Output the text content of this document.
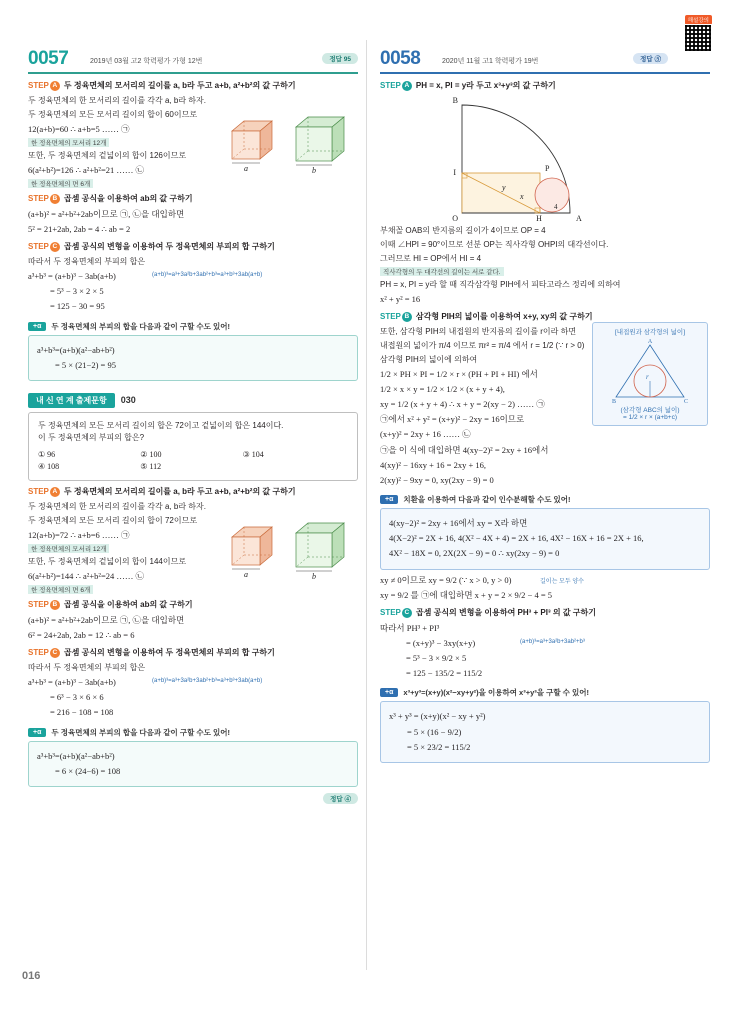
0057	2019년 03월 고2 학력평가 가형 12번	정답 95
STEP A 두 정육면체의 모서리의 길이를 a, b라 두고 a+b, a²+b²의 값 구하기
두 정육면체의 한 모서리의 길이를 각각 a, b라 하자.
두 정육면체의 모든 모서리 길이의 합이 60이므로
12(a+b)=60 ∴ a+b=5 …… ㉠
한 정육면체의 모서리 12개
또한, 두 정육면체의 겉넓이의 합이 126이므로
6(a²+b²)=126 ∴ a²+b²=21 …… ㉡
한 정육면체의 면 6개
a	b
STEP B 곱셈 공식을 이용하여 ab의 값 구하기
(a+b)² = a²+b²+2ab이므로 ㉠, ㉡을 대입하면
5² = 21+2ab, 2ab = 4 ∴ ab = 2
STEP C 곱셈 공식의 변형을 이용하여 두 정육면체의 부피의 합 구하기
따라서 두 정육면체의 부피의 합은
a³+b³ = (a+b)³ − 3ab(a+b)	(a+b)³=a³+3a²b+3ab²+b³=a³+b³+3ab(a+b)
= 5³ − 3 × 2 × 5
= 125 − 30 = 95
+α	두 정육면체의 부피의 합을 다음과 같이 구할 수도 있어!
a³+b³=(a+b)(a²−ab+b²)
= 5 × (21−2) = 95
내 신 연 계 출제문항	030
두 정육면체의 모든 모서리 길이의 합은 72이고 겉넓이의 합은 144이다.
이 두 정육면체의 부피의 합은?
① 96	② 100	③ 104
④ 108	⑤ 112
STEP A 두 정육면체의 모서리의 길이를 a, b라 두고 a+b, a²+b²의 값 구하기
두 정육면체의 한 모서리의 길이를 각각 a, b라 하자.
두 정육면체의 모든 모서리 길이의 합이 72이므로
12(a+b)=72 ∴ a+b=6 …… ㉠
한 정육면체의 모서리 12개
또한, 두 정육면체의 겉넓이의 합이 144이므로
6(a²+b²)=144 ∴ a²+b²=24 …… ㉡
한 정육면체의 면 6개
a	b
STEP B 곱셈 공식을 이용하여 ab의 값 구하기
(a+b)² = a²+b²+2ab이므로 ㉠, ㉡을 대입하면
6² = 24+2ab, 2ab = 12 ∴ ab = 6
STEP C 곱셈 공식의 변형을 이용하여 두 정육면체의 부피의 합 구하기
따라서 두 정육면체의 부피의 합은
a³+b³ = (a+b)³ − 3ab(a+b)	(a+b)³=a³+3a²b+3ab²+b³=a³+b³+3ab(a+b)
= 6³ − 3 × 6 × 6
= 216 − 108 = 108
+α	두 정육면체의 부피의 합을 다음과 같이 구할 수도 있어!
a³+b³=(a+b)(a²−ab+b²)
= 6 × (24−6) = 108
정답 ④
0058	2020년 11월 고1 학력평가 19번	정답 ⑤
해설강의
STEP A PH = x, PI = y라 두고 x³+y³의 값 구하기
B
I
O
P
H	A
y
x
4
부채꼴 OAB의 반지름의 길이가 4이므로 OP = 4
이때 ∠HPI = 90°이므로 선분 OP는 직사각형 OHPI의 대각선이다.
그러므로 HI = OP에서 HI = 4
직사각형의 두 대각선의 길이는 서로 같다.
PH = x, PI = y라 할 때 직각삼각형 PIH에서 피타고라스 정리에 의하여
x² + y² = 16
STEP B 삼각형 PIH의 넓이를 이용하여 x+y, xy의 값 구하기
또한, 삼각형 PIH의 내접원의 반지름의 길이를 r이라 하면
내접원의 넓이가 π/4 이므로 πr² = π/4 에서 r = 1/2 (∵ r > 0)
삼각형 PIH의 넓이에 의하여
1/2 × PH × PI = 1/2 × r × (PH + PI + HI) 에서
1/2 × x × y = 1/2 × 1/2 × (x + y + 4),
xy = 1/2 (x + y + 4) ∴ x + y = 2(xy − 2) …… ㉠
㉠에서 x² + y² = (x+y)² − 2xy = 16이므로
(x+y)² = 2xy + 16 …… ㉡
㉠을 이 식에 대입하면 4(xy−2)² = 2xy + 16에서
4(xy)² − 16xy + 16 = 2xy + 16,
2(xy)² − 9xy = 0, xy(2xy − 9) = 0
[내접원과 삼각형의 넓이]
r
A
B	C
(삼각형 ABC의 넓이)
= 1/2 × r × (a+b+c)
+α	치환을 이용하여 다음과 같이 인수분해할 수도 있어!
4(xy−2)² = 2xy + 16에서 xy = X라 하면
4(X−2)² = 2X + 16, 4(X² − 4X + 4) = 2X + 16, 4X² − 16X + 16 = 2X + 16,
4X² − 18X = 0, 2X(2X − 9) = 0 ∴ xy(2xy − 9) = 0
xy ≠ 0이므로 xy = 9/2 (∵ x > 0, y > 0)	길이는 모두 양수
xy = 9/2 를 ㉠에 대입하면 x + y = 2 × 9/2 − 4 = 5
STEP C 곱셈 공식의 변형을 이용하여 PH³ + PI³ 의 값 구하기
따라서 PH³ + PI³
= (x+y)³ − 3xy(x+y)	(a+b)³=a³+3a²b+3ab²+b³
= 5³ − 3 × 9/2 × 5
= 125 − 135/2 = 115/2
+α	x³+y³=(x+y)(x²−xy+y²)을 이용하여 x³+y³을 구할 수 있어!
x³ + y³ = (x+y)(x² − xy + y²)
= 5 × (16 − 9/2)
= 5 × 23/2 = 115/2
016
